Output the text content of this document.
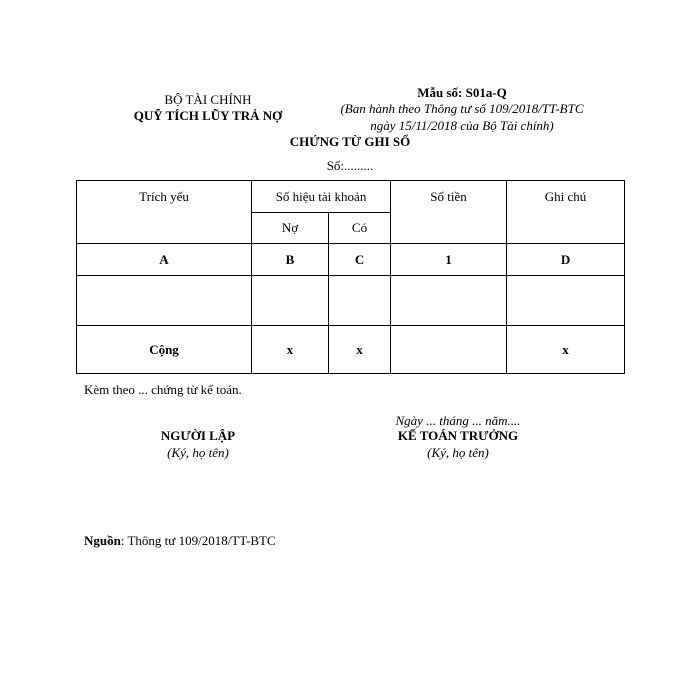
BỘ TÀI CHÍNH
QUỸ TÍCH LŨY TRẢ NỢ
Mẫu số: S01a-Q
(Ban hành theo Thông tư số 109/2018/TT-BTC
ngày 15/11/2018 của Bộ Tài chính)
CHỨNG TỪ GHI SỔ
Số:.........
Trích yếu	Số hiệu tài khoản		Số tiền	Ghi chú
	Nợ	Có		
A	B	C	1	D

Cộng	x	x		x
Kèm theo ... chứng từ kế toán.
Ngày ... tháng ... năm....
NGƯỜI LẬP
(Ký, họ tên)
KẾ TOÁN TRƯỞNG
(Ký, họ tên)
Nguồn: Thông tư 109/2018/TT-BTC
